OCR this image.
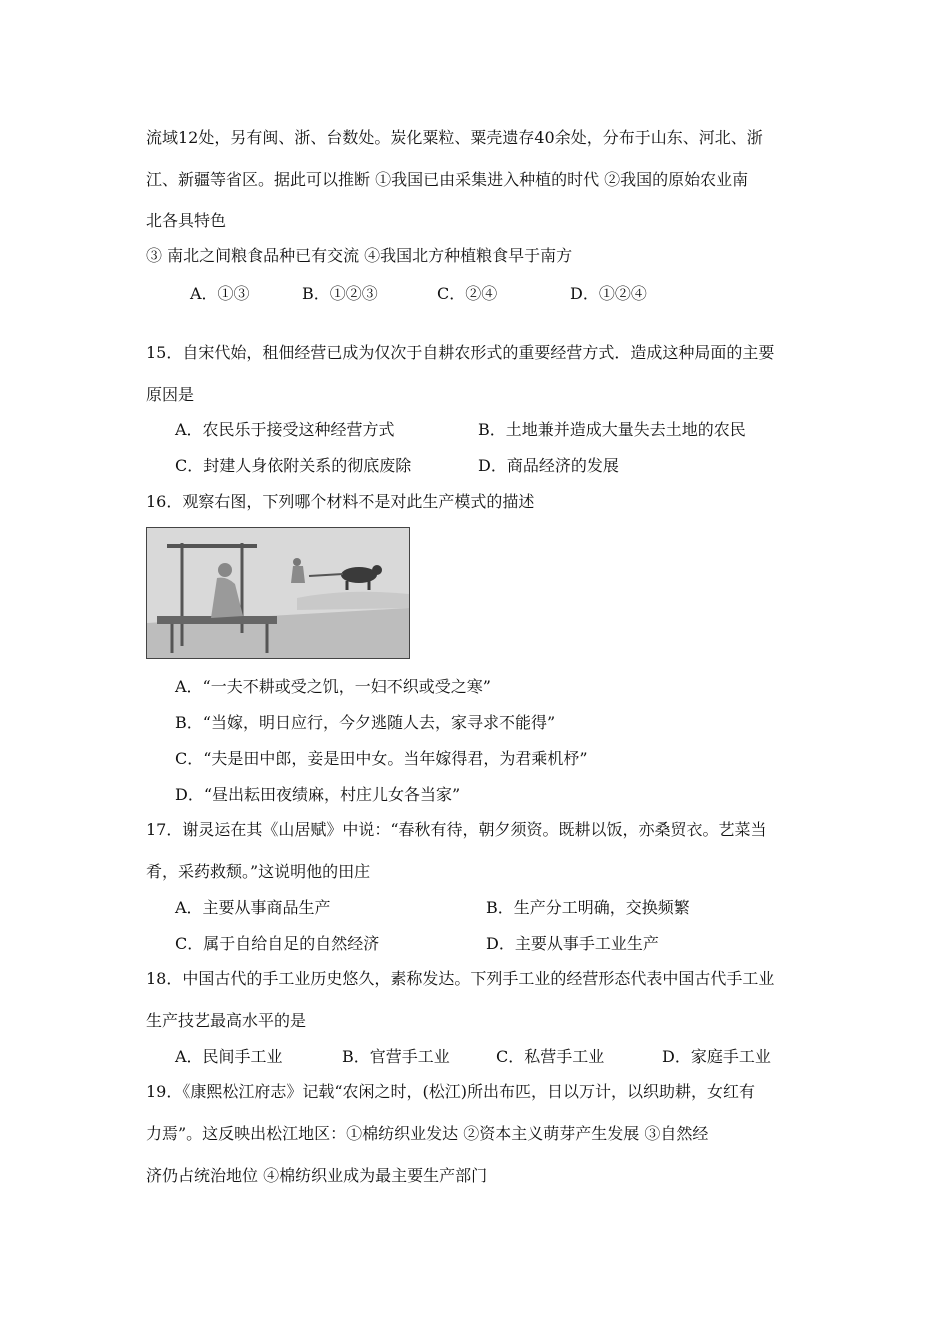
流域12处，另有闽、浙、台数处。炭化粟粒、粟壳遗存40余处，分布于山东、河北、浙
江、新疆等省区。据此可以推断 ①我国已由采集进入种植的时代 ②我国的原始农业南
北各具特色
③ 南北之间粮食品种已有交流 ④我国北方种植粮食早于南方
A．①③	B．①②③	C．②④	D．①②④
15．自宋代始，租佃经营已成为仅次于自耕农形式的重要经营方式．造成这种局面的主要
原因是
A．农民乐于接受这种经营方式	B．土地兼并造成大量失去土地的农民
C．封建人身依附关系的彻底废除	D．商品经济的发展
16．观察右图，下列哪个材料不是对此生产模式的描述
A．“一夫不耕或受之饥，一妇不织或受之寒”
B．“当嫁，明日应行，今夕逃随人去，家寻求不能得”
C．“夫是田中郎，妾是田中女。当年嫁得君，为君乘机杼”
D．“昼出耘田夜绩麻，村庄儿女各当家”
17．谢灵运在其《山居赋》中说：“春秋有待，朝夕须资。既耕以饭，亦桑贸衣。艺菜当
肴，采药救颓。”这说明他的田庄
A．主要从事商品生产	B．生产分工明确，交换频繁
C．属于自给自足的自然经济	D．主要从事手工业生产
18．中国古代的手工业历史悠久，素称发达。下列手工业的经营形态代表中国古代手工业
生产技艺最高水平的是
A．民间手工业	B．官营手工业	C．私营手工业	D．家庭手工业
19．《康熙松江府志》记载“农闲之时，(松江)所出布匹，日以万计，以织助耕，女红有
力焉”。这反映出松江地区：①棉纺织业发达 ②资本主义萌芽产生发展 ③自然经
济仍占统治地位 ④棉纺织业成为最主要生产部门
